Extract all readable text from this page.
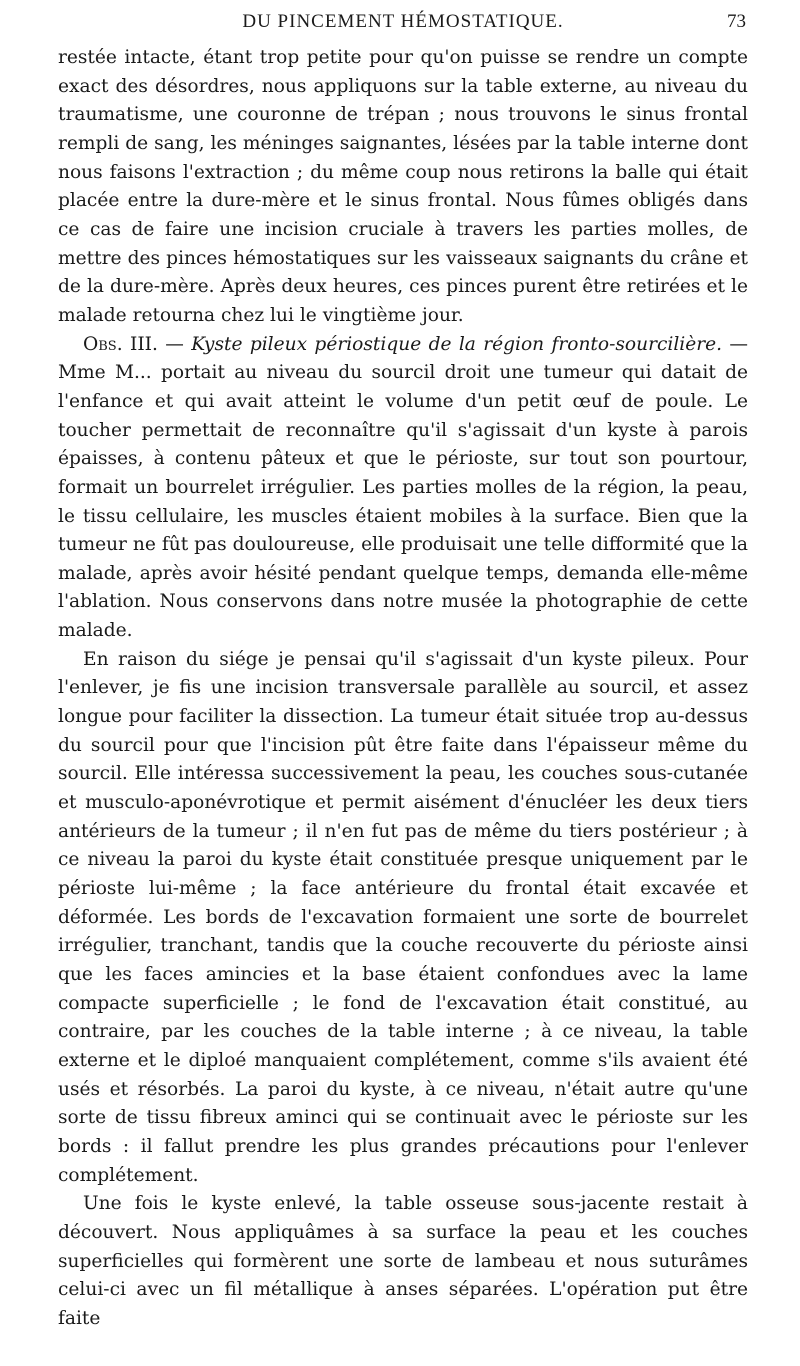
DU PINCEMENT HÉMOSTATIQUE.	73

restée intacte, étant trop petite pour qu'on puisse se rendre un compte exact des désordres, nous appliquons sur la table externe, au niveau du traumatisme, une couronne de trépan ; nous trouvons le sinus frontal rempli de sang, les méninges saignantes, lésées par la table interne dont nous faisons l'extraction ; du même coup nous retirons la balle qui était placée entre la dure-mère et le sinus frontal. Nous fûmes obligés dans ce cas de faire une incision cruciale à travers les parties molles, de mettre des pinces hémostatiques sur les vaisseaux saignants du crâne et de la dure-mère. Après deux heures, ces pinces purent être retirées et le malade retourna chez lui le vingtième jour.

Obs. III. — Kyste pileux périostique de la région fronto-sourcilière. — Mme M... portait au niveau du sourcil droit une tumeur qui datait de l'enfance et qui avait atteint le volume d'un petit œuf de poule. Le toucher permettait de reconnaître qu'il s'agissait d'un kyste à parois épaisses, à contenu pâteux et que le périoste, sur tout son pourtour, formait un bourrelet irrégulier. Les parties molles de la région, la peau, le tissu cellulaire, les muscles étaient mobiles à la surface. Bien que la tumeur ne fût pas douloureuse, elle produisait une telle difformité que la malade, après avoir hésité pendant quelque temps, demanda elle-même l'ablation. Nous conservons dans notre musée la photographie de cette malade.

En raison du siége je pensai qu'il s'agissait d'un kyste pileux. Pour l'enlever, je fis une incision transversale parallèle au sourcil, et assez longue pour faciliter la dissection. La tumeur était située trop au-dessus du sourcil pour que l'incision pût être faite dans l'épaisseur même du sourcil. Elle intéressa successivement la peau, les couches sous-cutanée et musculo-aponévrotique et permit aisément d'énucléer les deux tiers antérieurs de la tumeur ; il n'en fut pas de même du tiers postérieur ; à ce niveau la paroi du kyste était constituée presque uniquement par le périoste lui-même ; la face antérieure du frontal était excavée et déformée. Les bords de l'excavation formaient une sorte de bourrelet irrégulier, tranchant, tandis que la couche recouverte du périoste ainsi que les faces amincies et la base étaient confondues avec la lame compacte superficielle ; le fond de l'excavation était constitué, au contraire, par les couches de la table interne ; à ce niveau, la table externe et le diploé manquaient complétement, comme s'ils avaient été usés et résorbés. La paroi du kyste, à ce niveau, n'était autre qu'une sorte de tissu fibreux aminci qui se continuait avec le périoste sur les bords : il fallut prendre les plus grandes précautions pour l'enlever complétement.

Une fois le kyste enlevé, la table osseuse sous-jacente restait à découvert. Nous appliquâmes à sa surface la peau et les couches superficielles qui formèrent une sorte de lambeau et nous suturâmes celui-ci avec un fil métallique à anses séparées. L'opération put être faite
